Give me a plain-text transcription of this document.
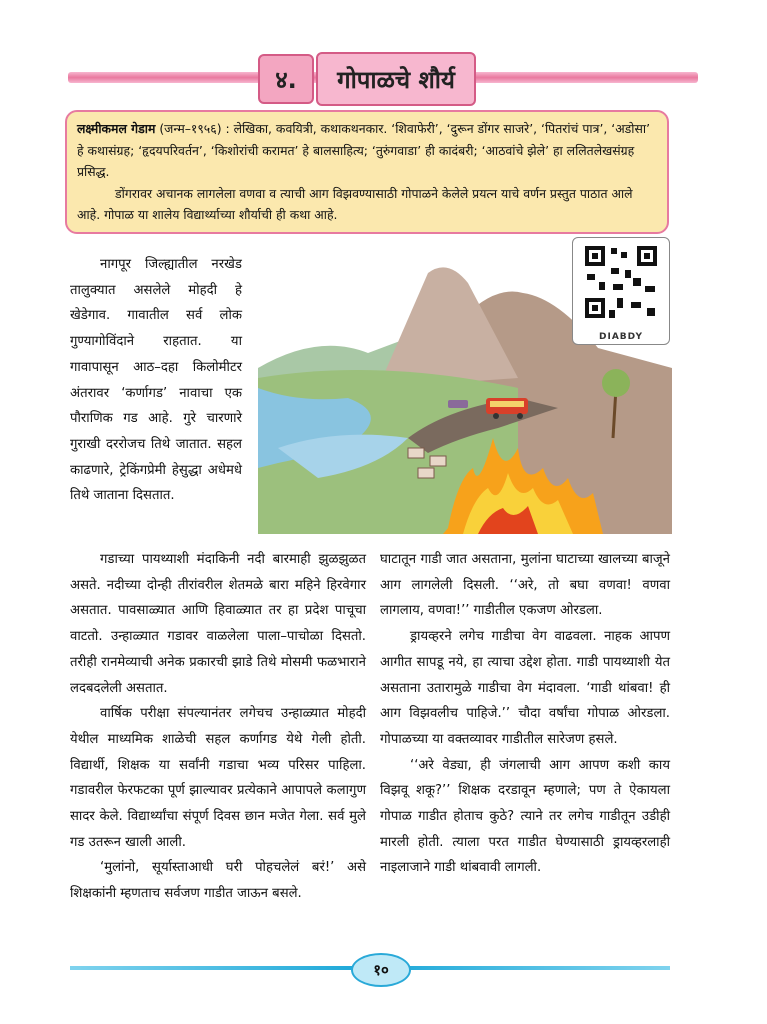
४.	गोपाळचे शौर्य

लक्ष्मीकमल गेडाम (जन्म–१९५६) : लेखिका, कवयित्री, कथाकथनकार. ‘शिवाफेरी’, ‘दुरून डोंगर साजरे’, ‘पितरांचं पात्र’, ‘अडोसा’ हे कथासंग्रह; ‘हृदयपरिवर्तन’, ‘किशोरांची करामत’ हे बालसाहित्य; ‘तुरुंगवाडा’ ही कादंबरी; ‘आठवांचे झेले’ हा ललितलेखसंग्रह प्रसिद्ध.

डोंगरावर अचानक लागलेला वणवा व त्याची आग विझवण्यासाठी गोपाळने केलेले प्रयत्न याचे वर्णन प्रस्तुत पाठात आले आहे. गोपाळ या शालेय विद्यार्थ्याच्या शौर्याची ही कथा आहे.

DIABDY

नागपूर जिल्ह्यातील नरखेड तालुक्यात असलेले मोहदी हे खेडेगाव. गावातील सर्व लोक गुण्यागोविंदाने राहतात. या गावापासून आठ–दहा किलोमीटर अंतरावर ‘कर्णागड’ नावाचा एक पौराणिक गड आहे. गुरे चारणारे गुराखी दररोजच तिथे जातात. सहल काढणारे, ट्रेकिंगप्रेमी हेसुद्धा अधेमधे तिथे जाताना दिसतात.

गडाच्या पायथ्याशी मंदाकिनी नदी बारमाही झुळझुळत असते. नदीच्या दोन्ही तीरांवरील शेतमळे बारा महिने हिरवेगार असतात. पावसाळ्यात आणि हिवाळ्यात तर हा प्रदेश पाचूचा वाटतो. उन्हाळ्यात गडावर वाळलेला पाला–पाचोळा दिसतो. तरीही रानमेव्याची अनेक प्रकारची झाडे तिथे मोसमी फळभाराने लदबदलेली असतात.

वार्षिक परीक्षा संपल्यानंतर लगेचच उन्हाळ्यात मोहदी येथील माध्यमिक शाळेची सहल कर्णागड येथे गेली होती. विद्यार्थी, शिक्षक या सर्वांनी गडाचा भव्य परिसर पाहिला. गडावरील फेरफटका पूर्ण झाल्यावर प्रत्येकाने आपापले कलागुण सादर केले. विद्यार्थ्यांचा संपूर्ण दिवस छान मजेत गेला. सर्व मुले गड उतरून खाली आली.

‘मुलांनो, सूर्यास्ताआधी घरी पोहचलेलं बरं!’ असे शिक्षकांनी म्हणताच सर्वजण गाडीत जाऊन बसले.

घाटातून गाडी जात असताना, मुलांना घाटाच्या खालच्या बाजूने आग लागलेली दिसली. ‘‘अरे, तो बघा वणवा! वणवा लागलाय, वणवा!’’ गाडीतील एकजण ओरडला.

ड्रायव्हरने लगेच गाडीचा वेग वाढवला. नाहक आपण आगीत सापडू नये, हा त्याचा उद्देश होता. गाडी पायथ्याशी येत असताना उतारामुळे गाडीचा वेग मंदावला. ‘गाडी थांबवा! ही आग विझवलीच पाहिजे.’’ चौदा वर्षांचा गोपाळ ओरडला. गोपाळच्या या वक्तव्यावर गाडीतील सारेजण हसले.

‘‘अरे वेड्या, ही जंगलाची आग आपण कशी काय विझवू शकू?’’ शिक्षक दरडावून म्हणाले; पण ते ऐकायला गोपाळ गाडीत होताच कुठे? त्याने तर लगेच गाडीतून उडीही मारली होती. त्याला परत गाडीत घेण्यासाठी ड्रायव्हरलाही नाइलाजाने गाडी थांबवावी लागली.

१०
